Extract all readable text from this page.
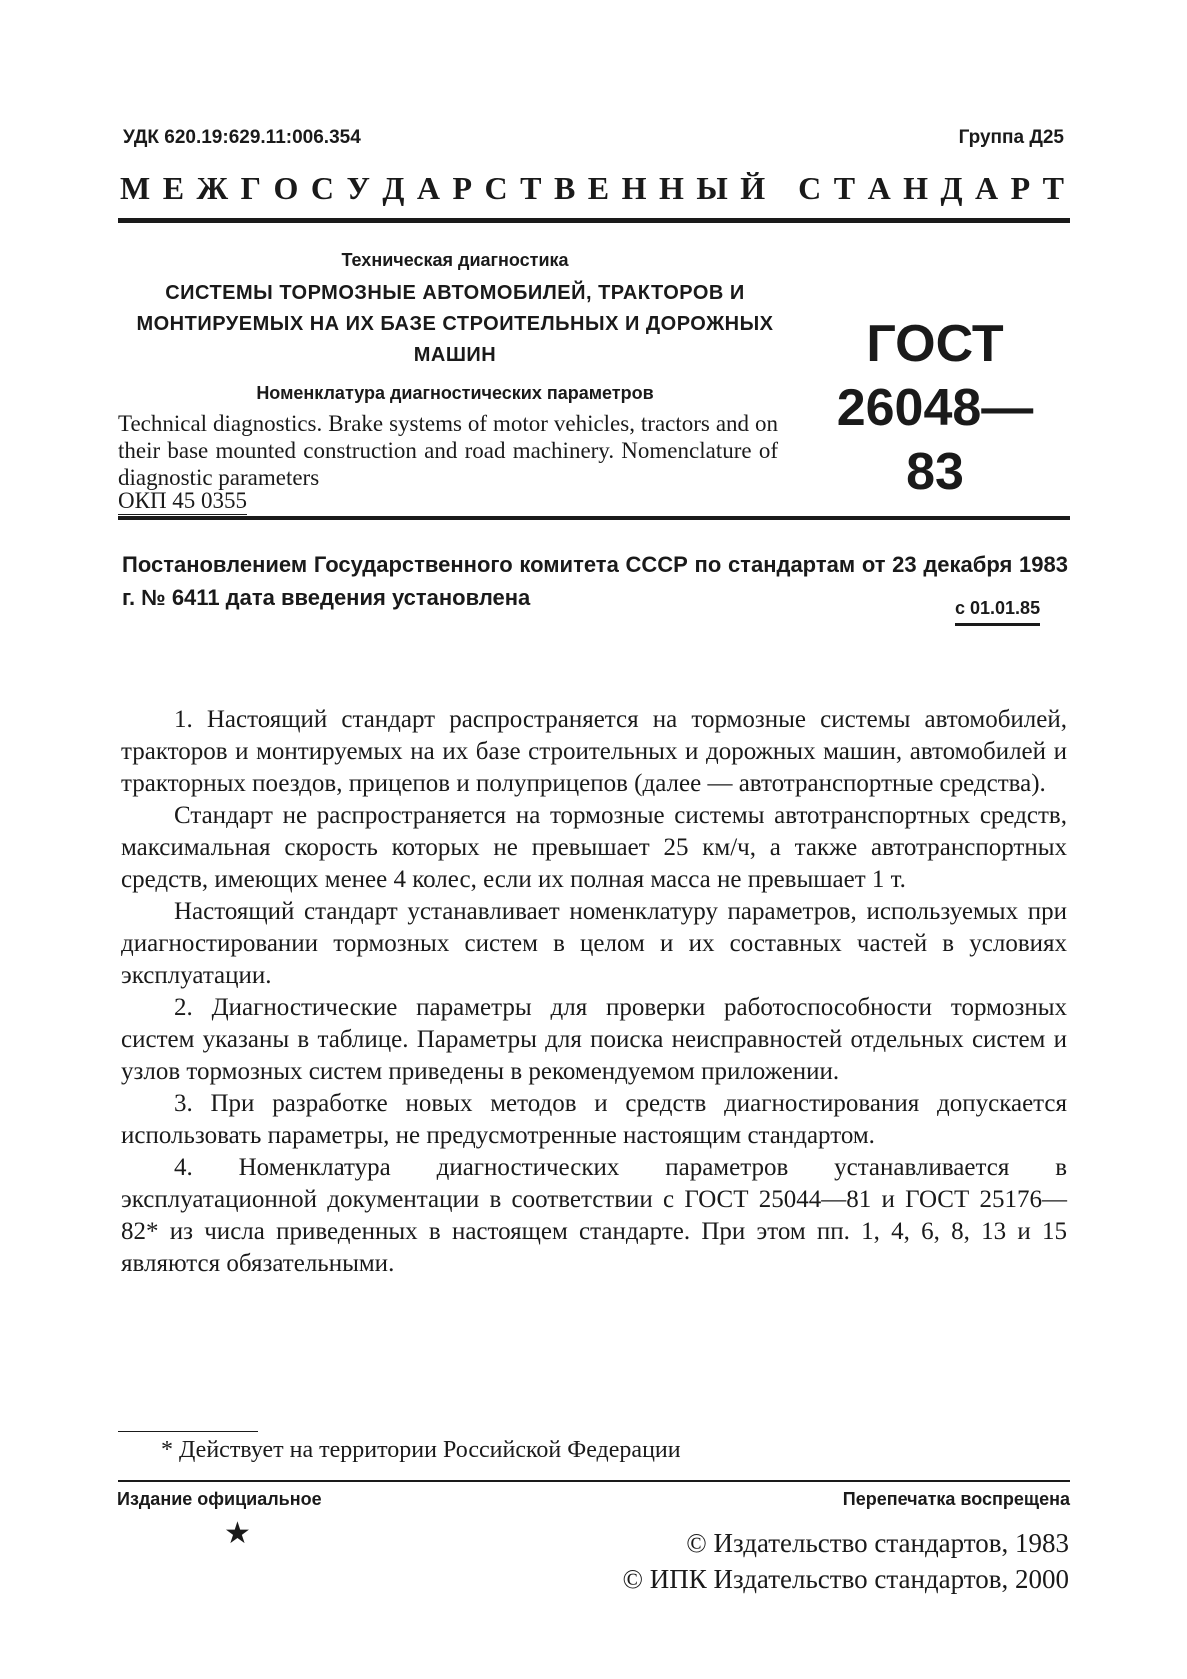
УДК 620.19:629.11:006.354	Группа Д25
М Е Ж Г О С У Д А Р С Т В Е Н Н Ы Й
С Т А Н Д А Р Т
Техническая диагностика
СИСТЕМЫ ТОРМОЗНЫЕ АВТОМОБИЛЕЙ, ТРАКТОРОВ И МОНТИРУЕМЫХ НА ИХ БАЗЕ СТРОИТЕЛЬНЫХ И ДОРОЖНЫХ МАШИН
Номенклатура диагностических параметров
Technical diagnostics. Brake systems of motor vehicles, tractors and on their base mounted construction and road machinery. Nomenclature of diagnostic parameters
ОКП 45 0355
ГОСТ
26048—83
Постановлением Государственного комитета СССР по стандартам от 23 декабря 1983 г. № 6411 дата введения установлена	с 01.01.85

1. Настоящий стандарт распространяется на тормозные системы автомобилей, тракторов и монтируемых на их базе строительных и дорожных машин, автомобилей и тракторных поездов, прицепов и полуприцепов (далее — автотранспортные средства).

Стандарт не распространяется на тормозные системы автотранспортных средств, максимальная скорость которых не превышает 25 км/ч, а также автотранспортных средств, имеющих менее 4 колес, если их полная масса не превышает 1 т.

Настоящий стандарт устанавливает номенклатуру параметров, используемых при диагностировании тормозных систем в целом и их составных частей в условиях эксплуатации.

2. Диагностические параметры для проверки работоспособности тормозных систем указаны в таблице. Параметры для поиска неисправностей отдельных систем и узлов тормозных систем приведены в рекомендуемом приложении.

3. При разработке новых методов и средств диагностирования допускается использовать параметры, не предусмотренные настоящим стандартом.

4. Номенклатура диагностических параметров устанавливается в эксплуатационной документации в соответствии с ГОСТ 25044—81 и ГОСТ 25176—82* из числа приведенных в настоящем стандарте. При этом пп. 1, 4, 6, 8, 13 и 15 являются обязательными.

* Действует на территории Российской Федерации
Издание официальное	Перепечатка воспрещена
★	© Издательство стандартов, 1983
© ИПК Издательство стандартов, 2000
